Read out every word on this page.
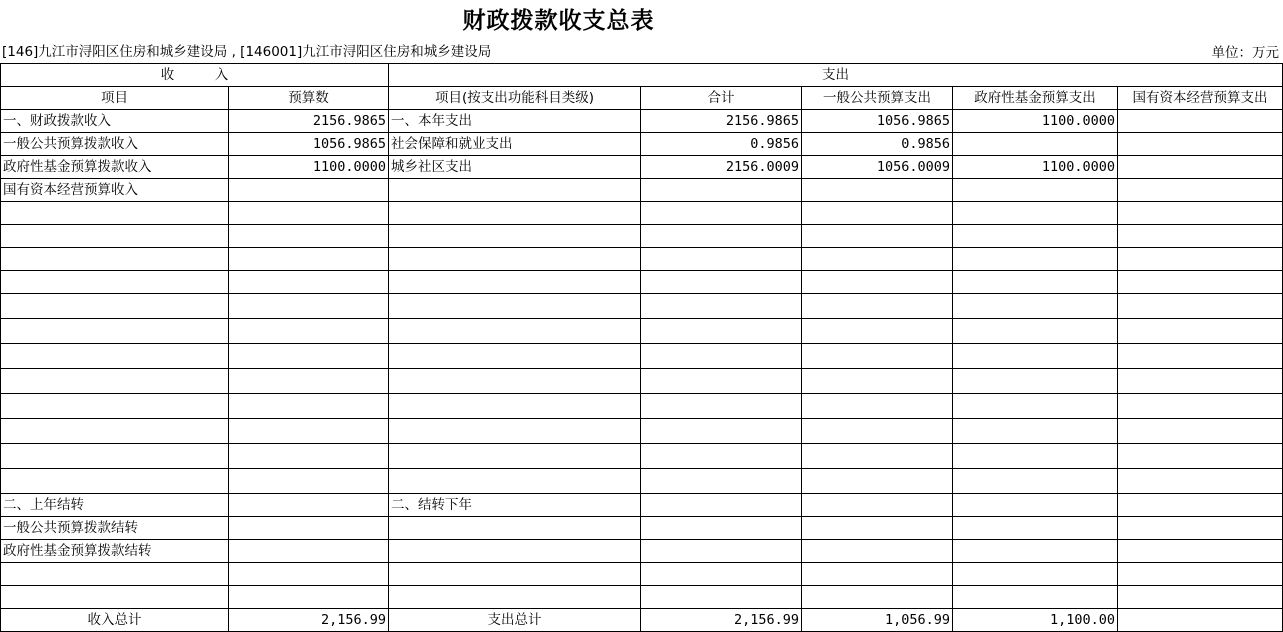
财政拨款收支总表
[146]九江市浔阳区住房和城乡建设局 , [146001]九江市浔阳区住房和城乡建设局	单位：万元
收　　　入		支出				
项目	预算数	项目(按支出功能科目类级)	合计	一般公共预算支出	政府性基金预算支出	国有资本经营预算支出
一、财政拨款收入	2156.9865	一、本年支出	2156.9865	1056.9865	1100.0000	
一般公共预算拨款收入	1056.9865	社会保障和就业支出	0.9856	0.9856		
政府性基金预算拨款收入	1100.0000	城乡社区支出	2156.0009	1056.0009	1100.0000	
国有资本经营预算收入						

二、上年结转		二、结转下年				
一般公共预算拨款结转						
政府性基金预算拨款结转						

收入总计	2,156.99	支出总计	2,156.99	1,056.99	1,100.00	
